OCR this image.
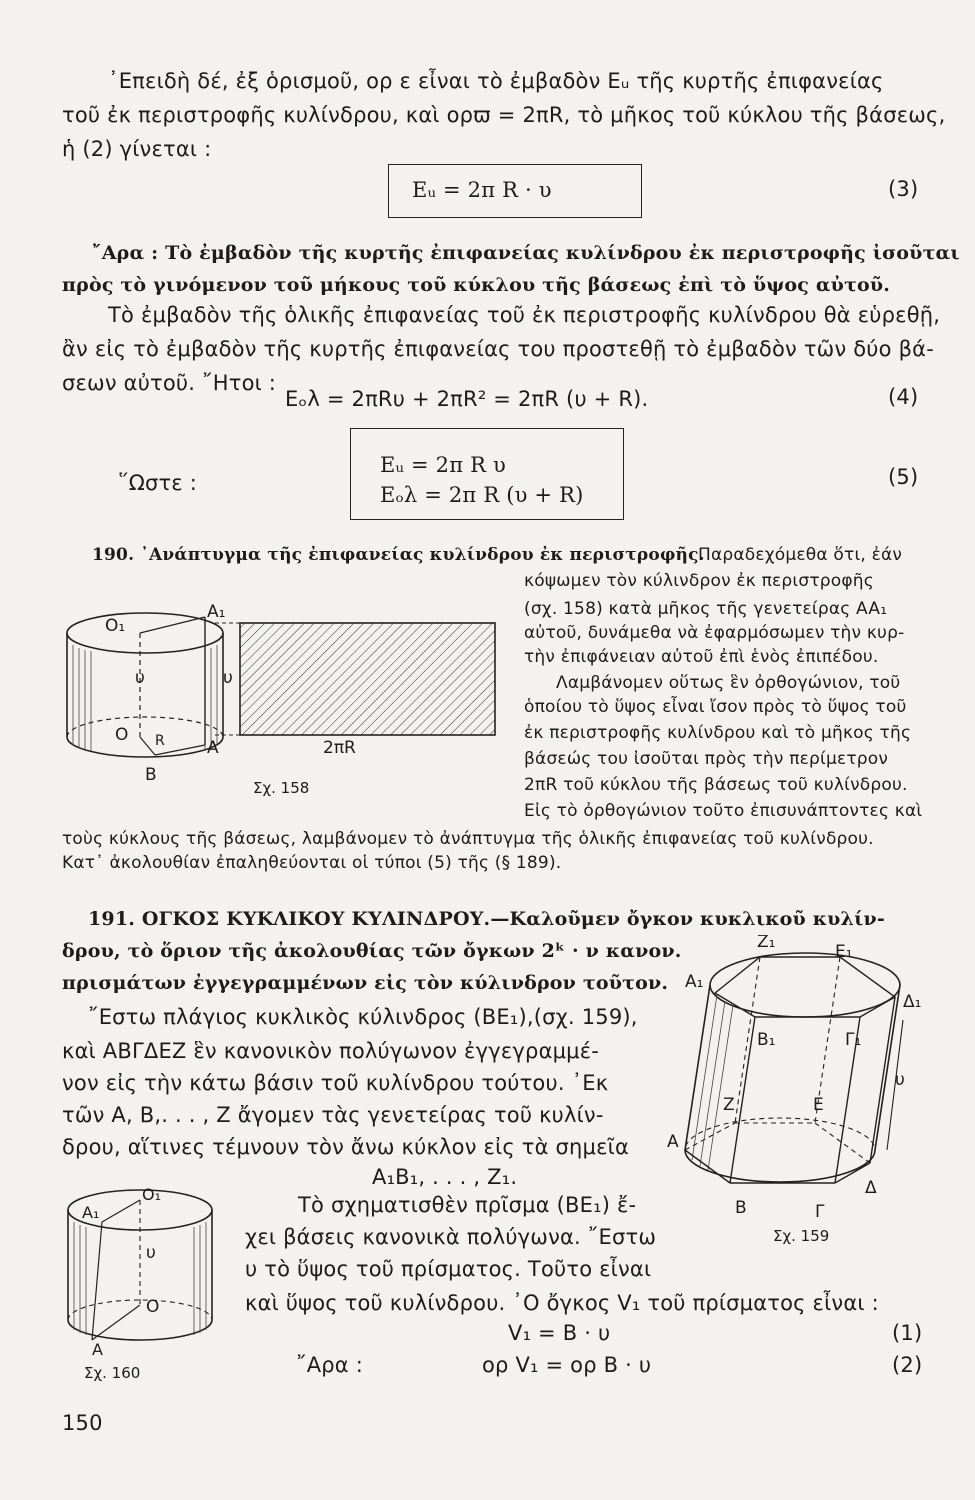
᾿Επειδὴ δέ, ἐξ ὁρισμοῦ, ορ ε εἶναι τὸ ἐμβαδὸν Εᵤ τῆς κυρτῆς ἐπιφανείας
τοῦ ἐκ περιστροφῆς κυλίνδρου, καὶ ορϖ = 2πR, τὸ μῆκος τοῦ κύκλου τῆς βάσεως,
ἡ (2) γίνεται :
Eᵤ = 2π R · υ	(3)
῎Αρα : Τὸ ἐμβαδὸν τῆς κυρτῆς ἐπιφανείας κυλίνδρου ἐκ περιστροφῆς ἰσοῦται
πρὸς τὸ γινόμενον τοῦ μήκους τοῦ κύκλου τῆς βάσεως ἐπὶ τὸ ὕψος αὐτοῦ.
Τὸ ἐμβαδὸν τῆς ὁλικῆς ἐπιφανείας τοῦ ἐκ περιστροφῆς κυλίνδρου θὰ εὑρεθῇ,
ἂν εἰς τὸ ἐμβαδὸν τῆς κυρτῆς ἐπιφανείας του προστεθῇ τὸ ἐμβαδὸν τῶν δύο βά-
σεων αὐτοῦ. ῎Ητοι :
Eₒλ = 2πRυ + 2πR² = 2πR (υ + R).	(4)
῞Ωστε :
Eᵤ = 2π R υ
Eₒλ = 2π R (υ + R)
(5)
190. ᾿Ανάπτυγμα τῆς ἐπιφανείας κυλίνδρου ἐκ περιστροφῆς.
Παραδεχόμεθα ὅτι, ἐάν
κόψωμεν τὸν κύλινδρον ἐκ περιστροφῆς
(σχ. 158) κατὰ μῆκος τῆς γενετείρας AA₁
αὐτοῦ, δυνάμεθα νὰ ἐφαρμόσωμεν τὴν κυρ-
τὴν ἐπιφάνειαν αὐτοῦ ἐπὶ ἑνὸς ἐπιπέδου.
Λαμβάνομεν οὕτως ἓν ὀρθογώνιον, τοῦ
ὁποίου τὸ ὕψος εἶναι ἴσον πρὸς τὸ ὕψος τοῦ
ἐκ περιστροφῆς κυλίνδρου καὶ τὸ μῆκος τῆς
βάσεώς του ἰσοῦται πρὸς τὴν περίμετρον
2πR τοῦ κύκλου τῆς βάσεως τοῦ κυλίνδρου.
Εἰς τὸ ὀρθογώνιον τοῦτο ἐπισυνάπτοντες καὶ
τοὺς κύκλους τῆς βάσεως, λαμβάνομεν τὸ ἀνάπτυγμα τῆς ὁλικῆς ἐπιφανείας τοῦ κυλίνδρου.
Κατ᾿ ἀκολουθίαν ἐπαληθεύονται οἱ τύποι (5) τῆς (§ 189).
O₁
A₁
υ	υ
O R A
B
2πR
Σχ. 158
191. ΟΓΚΟΣ ΚΥΚΛΙΚΟΥ ΚΥΛΙΝΔΡΟΥ.—Καλοῦμεν ὄγκον κυκλικοῦ κυλίν-
δρου, τὸ ὅριον τῆς ἀκολουθίας τῶν ὄγκων 2ᵏ · ν κανον.
πρισμάτων ἐγγεγραμμένων εἰς τὸν κύλινδρον τοῦτον.
῎Εστω πλάγιος κυκλικὸς κύλινδρος (BE₁),(σχ. 159),
καὶ ΑΒΓΔΕΖ ἓν κανονικὸν πολύγωνον ἐγγεγραμμέ-
νον εἰς τὴν κάτω βάσιν τοῦ κυλίνδρου τούτου. ᾿Εκ
τῶν Α, Β,. . . , Ζ ἄγομεν τὰς γενετείρας τοῦ κυλίν-
δρου, αἵτινες τέμνουν τὸν ἄνω κύκλον εἰς τὰ σημεῖα
A₁B₁, . . . , Z₁.
Τὸ σχηματισθὲν πρῖσμα (ΒΕ₁) ἔ-
χει βάσεις κανονικὰ πολύγωνα. ῎Εστω
υ τὸ ὕψος τοῦ πρίσματος. Τοῦτο εἶναι
καὶ ὕψος τοῦ κυλίνδρου. ᾿Ο ὄγκος V₁ τοῦ πρίσματος εἶναι :
V₁ = B · υ	(1)
῎Αρα :	ορ V₁ = ορ B · υ	(2)
Z₁	E₁
A₁
Δ₁
B₁	Γ₁
Z	E
υ
A
Δ
B	Γ
Σχ. 159
A₁
O₁
υ
O
A
Σχ. 160
150
